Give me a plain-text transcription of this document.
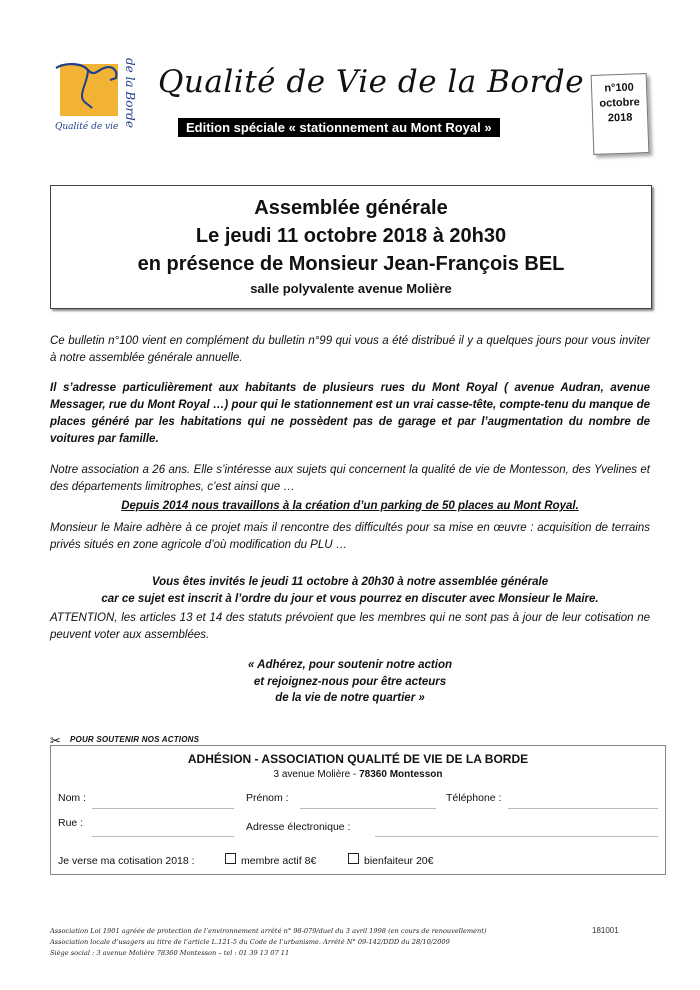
de la Borde
Qualité de vie
Qualité de Vie de la Borde
Edition spéciale « stationnement au Mont Royal »
n°100
octobre
2018
Assemblée générale
Le jeudi 11 octobre 2018 à 20h30
en présence de Monsieur Jean-François BEL
salle polyvalente avenue Molière
Ce bulletin n°100 vient en complément du bulletin n°99 qui vous a été distribué il y a quelques jours pour vous inviter à notre assemblée générale annuelle.
Il s’adresse particulièrement aux habitants de plusieurs rues du Mont Royal ( avenue Audran, avenue Messager, rue du Mont Royal …) pour qui le stationnement est un vrai casse-tête, compte-tenu du manque de places généré par les habitations qui ne possèdent pas de garage et par l’augmentation du nombre de voitures par famille.
Notre association a 26 ans. Elle s’intéresse aux sujets qui concernent la qualité de vie de Montesson, des Yvelines et des départements limitrophes, c’est ainsi que …
Depuis 2014 nous travaillons à la création d’un parking de 50 places au Mont Royal.
Monsieur le Maire adhère à ce projet mais il rencontre des difficultés pour sa mise en œuvre : acquisition de terrains privés situés en zone agricole d’où modification du PLU …
Vous êtes invités le jeudi 11 octobre à 20h30 à notre assemblée générale
car ce sujet est inscrit à l’ordre du jour et vous pourrez en discuter avec Monsieur le Maire.
ATTENTION, les articles 13 et 14 des statuts prévoient que les membres qui ne sont pas à jour de leur cotisation ne peuvent voter aux assemblées.
« Adhérez, pour soutenir notre action
et rejoignez-nous pour être acteurs
de la vie de notre quartier »
✂ POUR SOUTENIR NOS ACTIONS
ADHÉSION - ASSOCIATION QUALITÉ DE VIE DE LA BORDE
3 avenue Molière - 78360 Montesson
Nom :	Prénom :	Téléphone :
Rue :	Adresse électronique :
Je verse ma cotisation 2018 :	membre actif 8€	bienfaiteur 20€
Association Loi 1901 agréée de protection de l’environnement arrêté n° 98-079/duel du 3 avril 1998 (en cours de renouvellement)
Association locale d’usagers au titre de l’article L.121-5 du Code de l’urbanisme. Arrêté N° 09-142/DDD du 28/10/2009
Siège social : 3 avenue Molière 78360 Montesson – tel : 01 39 13 07 11
181001
